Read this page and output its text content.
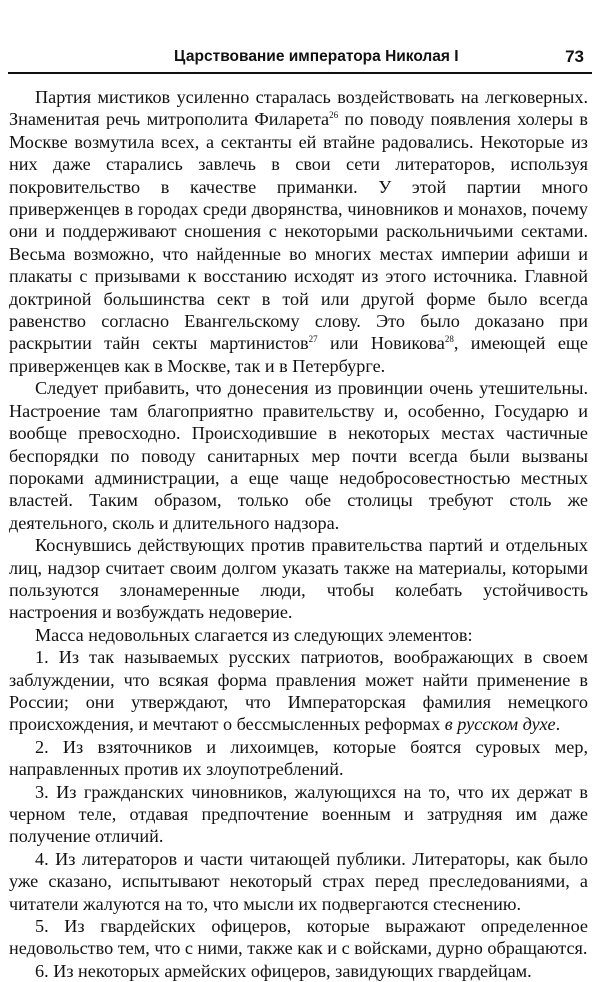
Царствование императора Николая I	73

Партия мистиков усиленно старалась воздействовать на легковерных. Знаменитая речь митрополита Филарета$^{26}$ по поводу появления холеры в Москве возмутила всех, а сектанты ей втайне радовались. Некоторые из них даже старались завлечь в свои сети литераторов, используя покровительство в качестве приманки. У этой партии много приверженцев в городах среди дворянства, чиновников и монахов, почему они и поддерживают сношения с некоторыми раскольничьими сектами. Весьма возможно, что найденные во многих местах империи афиши и плакаты с призывами к восстанию исходят из этого источника. Главной доктриной большинства сект в той или другой форме было всегда равенство согласно Евангельскому слову. Это было доказано при раскрытии тайн секты мартинистов$^{27}$ или Новикова$^{28}$, имеющей еще приверженцев как в Москве, так и в Петербурге.

Следует прибавить, что донесения из провинции очень утешительны. Настроение там благоприятно правительству и, особенно, Государю и вообще превосходно. Происходившие в некоторых местах частичные беспорядки по поводу санитарных мер почти всегда были вызваны пороками администрации, а еще чаще недобросовестностью местных властей. Таким образом, только обе столицы требуют столь же деятельного, сколь и длительного надзора.

Коснувшись действующих против правительства партий и отдельных лиц, надзор считает своим долгом указать также на материалы, которыми пользуются злонамеренные люди, чтобы колебать устойчивость настроения и возбуждать недоверие.

Масса недовольных слагается из следующих элементов:

1. Из так называемых русских патриотов, воображающих в своем заблуждении, что всякая форма правления может найти применение в России; они утверждают, что Императорская фамилия немецкого происхождения, и мечтают о бессмысленных реформах в русском духе.

2. Из взяточников и лихоимцев, которые боятся суровых мер, направленных против их злоупотреблений.

3. Из гражданских чиновников, жалующихся на то, что их держат в черном теле, отдавая предпочтение военным и затрудняя им даже получение отличий.

4. Из литераторов и части читающей публики. Литераторы, как было уже сказано, испытывают некоторый страх перед преследованиями, а читатели жалуются на то, что мысли их подвергаются стеснению.

5. Из гвардейских офицеров, которые выражают определенное недовольство тем, что с ними, также как и с войсками, дурно обращаются.

6. Из некоторых армейских офицеров, завидующих гвардейцам.
